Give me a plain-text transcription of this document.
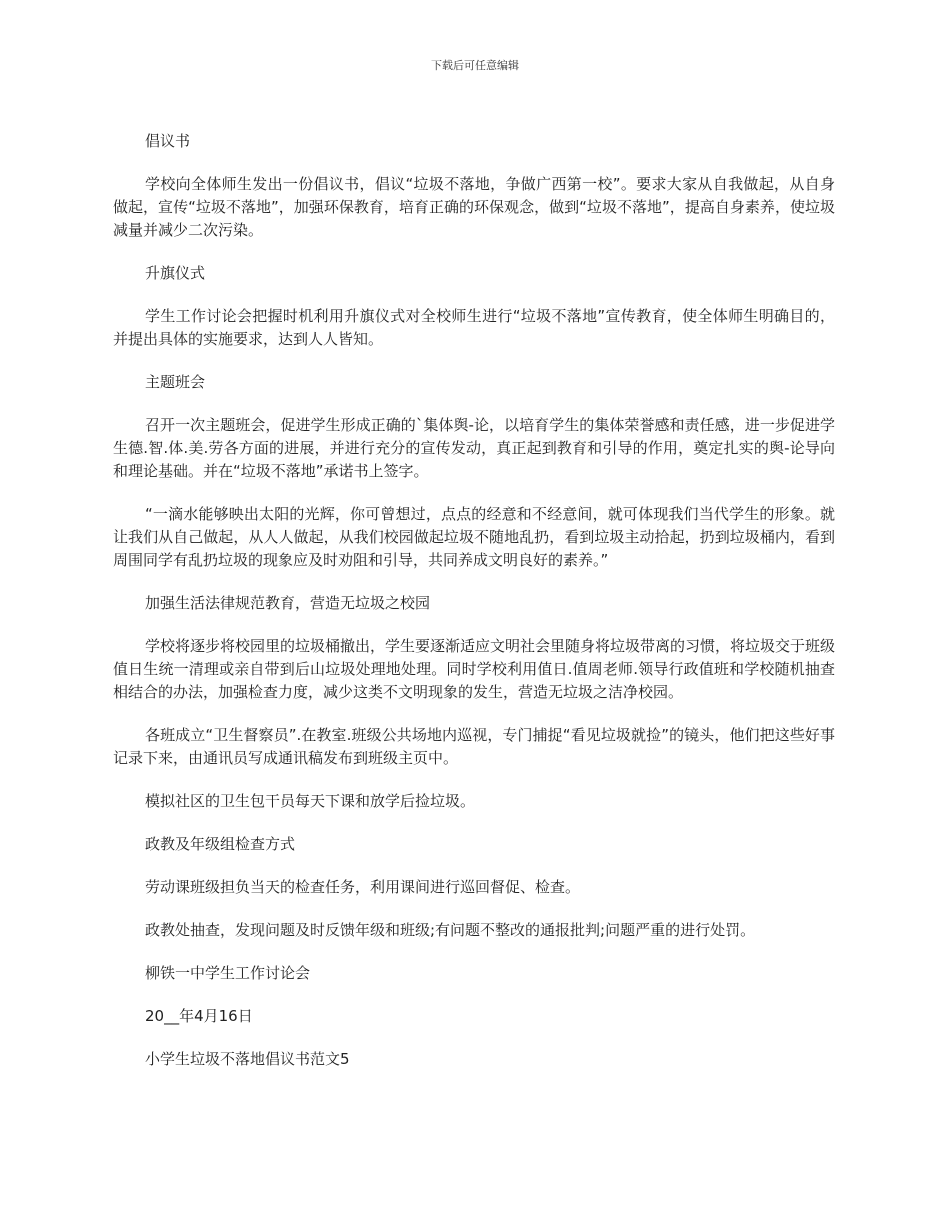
下载后可任意编辑

倡议书

学校向全体师生发出一份倡议书，倡议“垃圾不落地，争做广西第一校”。要求大家从自我做起，从自身做起，宣传“垃圾不落地”，加强环保教育，培育正确的环保观念，做到“垃圾不落地”，提高自身素养，使垃圾减量并减少二次污染。

升旗仪式

学生工作讨论会把握时机利用升旗仪式对全校师生进行“垃圾不落地”宣传教育，使全体师生明确目的，并提出具体的实施要求，达到人人皆知。

主题班会

召开一次主题班会，促进学生形成正确的`集体舆-论，以培育学生的集体荣誉感和责任感，进一步促进学生德.智.体.美.劳各方面的进展，并进行充分的宣传发动，真正起到教育和引导的作用，奠定扎实的舆-论导向和理论基础。并在“垃圾不落地”承诺书上签字。

“一滴水能够映出太阳的光辉，你可曾想过，点点的经意和不经意间，就可体现我们当代学生的形象。就让我们从自己做起，从人人做起，从我们校园做起垃圾不随地乱扔，看到垃圾主动拾起，扔到垃圾桶内，看到周围同学有乱扔垃圾的现象应及时劝阻和引导，共同养成文明良好的素养。”

加强生活法律规范教育，营造无垃圾之校园

学校将逐步将校园里的垃圾桶撤出，学生要逐渐适应文明社会里随身将垃圾带离的习惯，将垃圾交于班级值日生统一清理或亲自带到后山垃圾处理地处理。同时学校利用值日.值周老师.领导行政值班和学校随机抽查相结合的办法，加强检查力度，减少这类不文明现象的发生，营造无垃圾之洁净校园。

各班成立“卫生督察员”.在教室.班级公共场地内巡视，专门捕捉“看见垃圾就捡”的镜头，他们把这些好事记录下来，由通讯员写成通讯稿发布到班级主页中。

模拟社区的卫生包干员每天下课和放学后捡垃圾。

政教及年级组检查方式

劳动课班级担负当天的检查任务，利用课间进行巡回督促、检查。

政教处抽查，发现问题及时反馈年级和班级;有问题不整改的通报批判;问题严重的进行处罚。

柳铁一中学生工作讨论会

20__年4月16日

小学生垃圾不落地倡议书范文5
